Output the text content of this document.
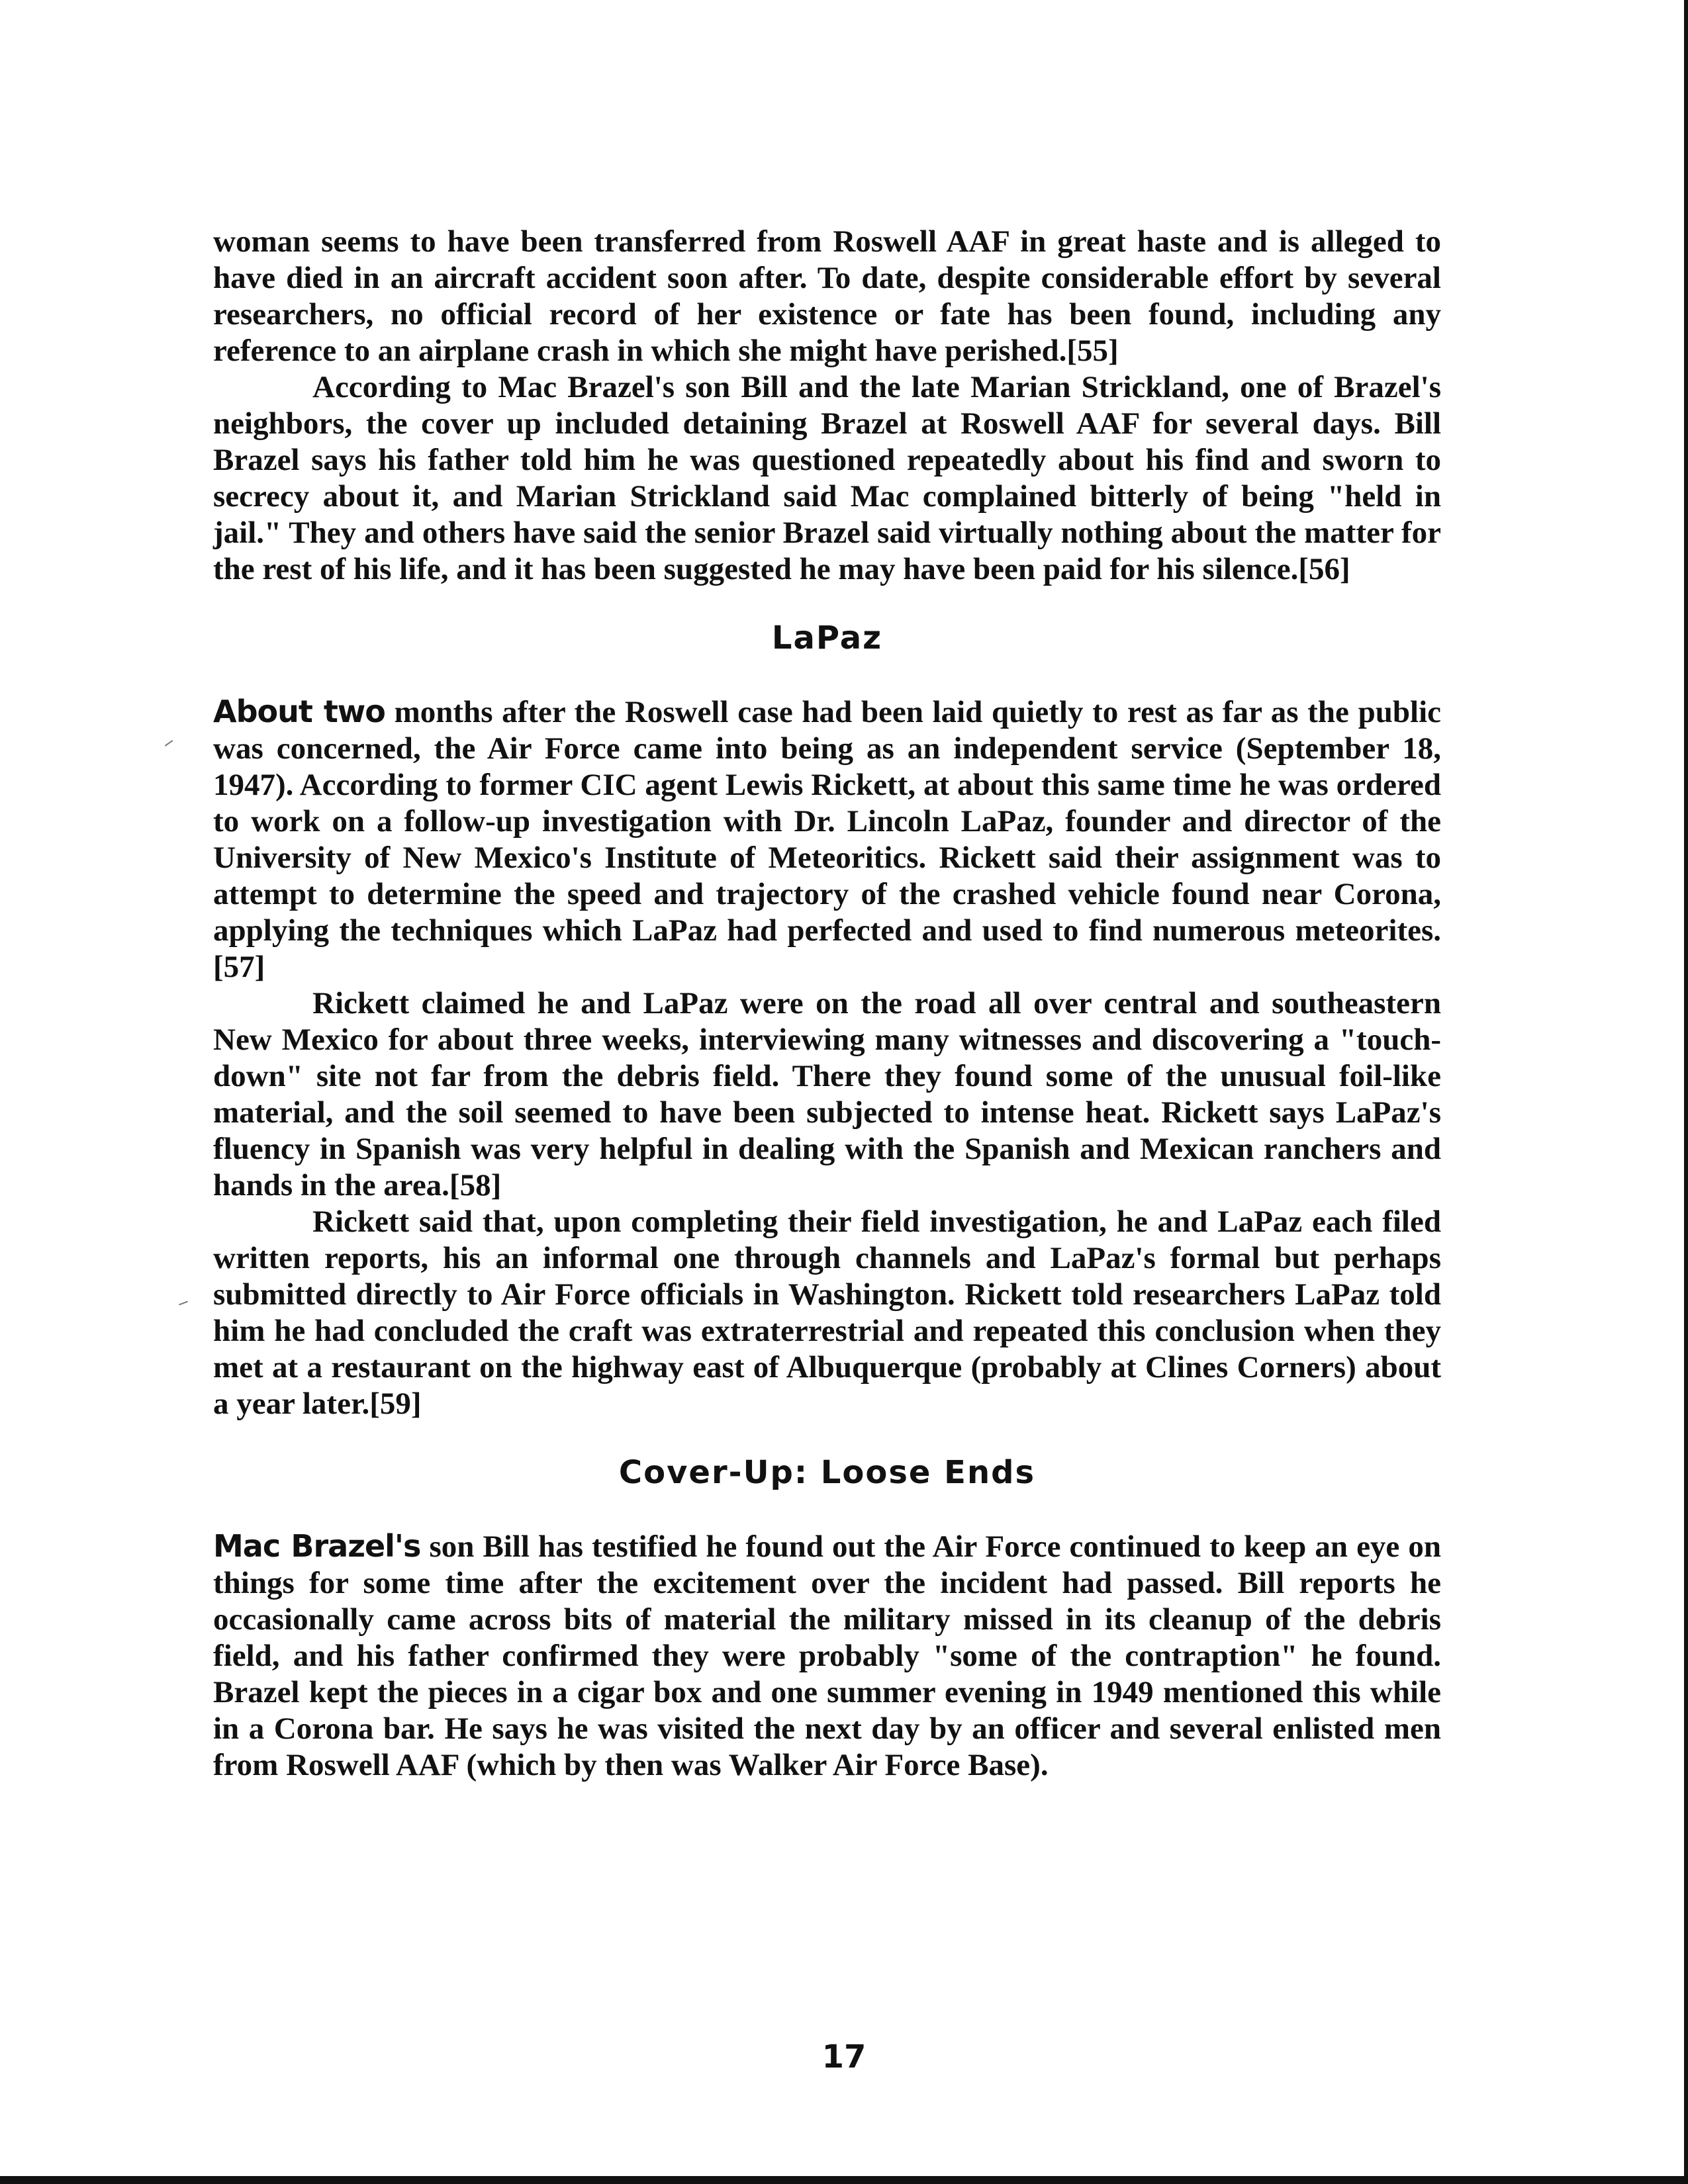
woman seems to have been transferred from Roswell AAF in great haste and is alleged to have died in an aircraft accident soon after. To date, despite considerable effort by several researchers, no official record of her existence or fate has been found, including any reference to an airplane crash in which she might have perished.[55]

According to Mac Brazel's son Bill and the late Marian Strickland, one of Brazel's neighbors, the cover up included detaining Brazel at Roswell AAF for several days. Bill Brazel says his father told him he was questioned repeatedly about his find and sworn to secrecy about it, and Marian Strickland said Mac complained bitterly of being "held in jail." They and others have said the senior Brazel said virtually nothing about the matter for the rest of his life, and it has been suggested he may have been paid for his silence.[56]

LaPaz

About two months after the Roswell case had been laid quietly to rest as far as the public was concerned, the Air Force came into being as an independent service (September 18, 1947). According to former CIC agent Lewis Rickett, at about this same time he was ordered to work on a follow-up investigation with Dr. Lincoln LaPaz, founder and director of the University of New Mexico's Institute of Meteoritics. Rickett said their assignment was to attempt to determine the speed and trajectory of the crashed vehicle found near Corona, applying the techniques which LaPaz had perfected and used to find numerous meteorites.[57]

Rickett claimed he and LaPaz were on the road all over central and southeastern New Mexico for about three weeks, interviewing many witnesses and discovering a "touch-down" site not far from the debris field. There they found some of the unusual foil-like material, and the soil seemed to have been subjected to intense heat. Rickett says LaPaz's fluency in Spanish was very helpful in dealing with the Spanish and Mexican ranchers and hands in the area.[58]

Rickett said that, upon completing their field investigation, he and LaPaz each filed written reports, his an informal one through channels and LaPaz's formal but perhaps submitted directly to Air Force officials in Washington. Rickett told researchers LaPaz told him he had concluded the craft was extraterrestrial and repeated this conclusion when they met at a restaurant on the highway east of Albuquerque (probably at Clines Corners) about a year later.[59]

Cover-Up: Loose Ends

Mac Brazel's son Bill has testified he found out the Air Force continued to keep an eye on things for some time after the excitement over the incident had passed. Bill reports he occasionally came across bits of material the military missed in its cleanup of the debris field, and his father confirmed they were probably "some of the contraption" he found. Brazel kept the pieces in a cigar box and one summer evening in 1949 mentioned this while in a Corona bar. He says he was visited the next day by an officer and several enlisted men from Roswell AAF (which by then was Walker Air Force Base).

17
